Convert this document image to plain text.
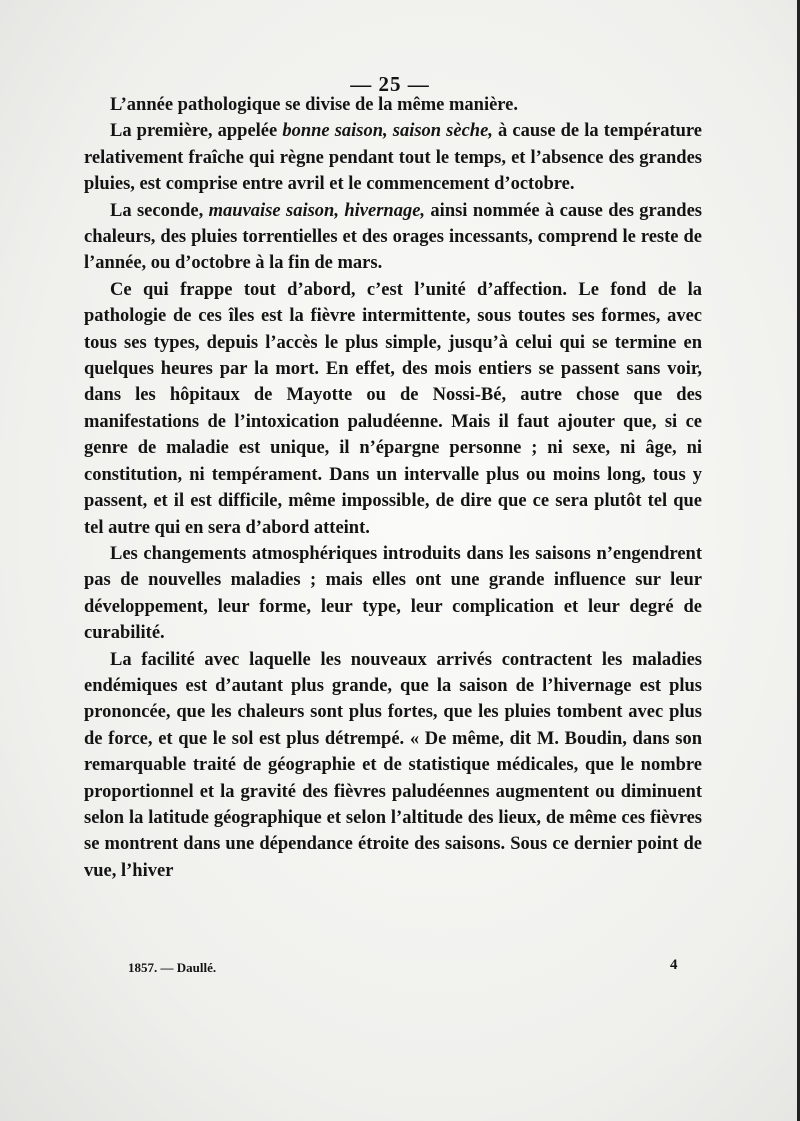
— 25 —

L’année pathologique se divise de la même manière.

La première, appelée bonne saison, saison sèche, à cause de la température relativement fraîche qui règne pendant tout le temps, et l’absence des grandes pluies, est comprise entre avril et le commencement d’octobre.

La seconde, mauvaise saison, hivernage, ainsi nommée à cause des grandes chaleurs, des pluies torrentielles et des orages incessants, comprend le reste de l’année, ou d’octobre à la fin de mars.

Ce qui frappe tout d’abord, c’est l’unité d’affection. Le fond de la pathologie de ces îles est la fièvre intermittente, sous toutes ses formes, avec tous ses types, depuis l’accès le plus simple, jusqu’à celui qui se termine en quelques heures par la mort. En effet, des mois entiers se passent sans voir, dans les hôpitaux de Mayotte ou de Nossi-Bé, autre chose que des manifestations de l’intoxication paludéenne. Mais il faut ajouter que, si ce genre de maladie est unique, il n’épargne personne ; ni sexe, ni âge, ni constitution, ni tempérament. Dans un intervalle plus ou moins long, tous y passent, et il est difficile, même impossible, de dire que ce sera plutôt tel que tel autre qui en sera d’abord atteint.

Les changements atmosphériques introduits dans les saisons n’engendrent pas de nouvelles maladies ; mais elles ont une grande influence sur leur développement, leur forme, leur type, leur complication et leur degré de curabilité.

La facilité avec laquelle les nouveaux arrivés contractent les maladies endémiques est d’autant plus grande, que la saison de l’hivernage est plus prononcée, que les chaleurs sont plus fortes, que les pluies tombent avec plus de force, et que le sol est plus détrempé. « De même, dit M. Boudin, dans son remarquable traité de géographie et de statistique médicales, que le nombre proportionnel et la gravité des fièvres paludéennes augmentent ou diminuent selon la latitude géographique et selon l’altitude des lieux, de même ces fièvres se montrent dans une dépendance étroite des saisons. Sous ce dernier point de vue, l’hiver

1857. — Daullé.	4
